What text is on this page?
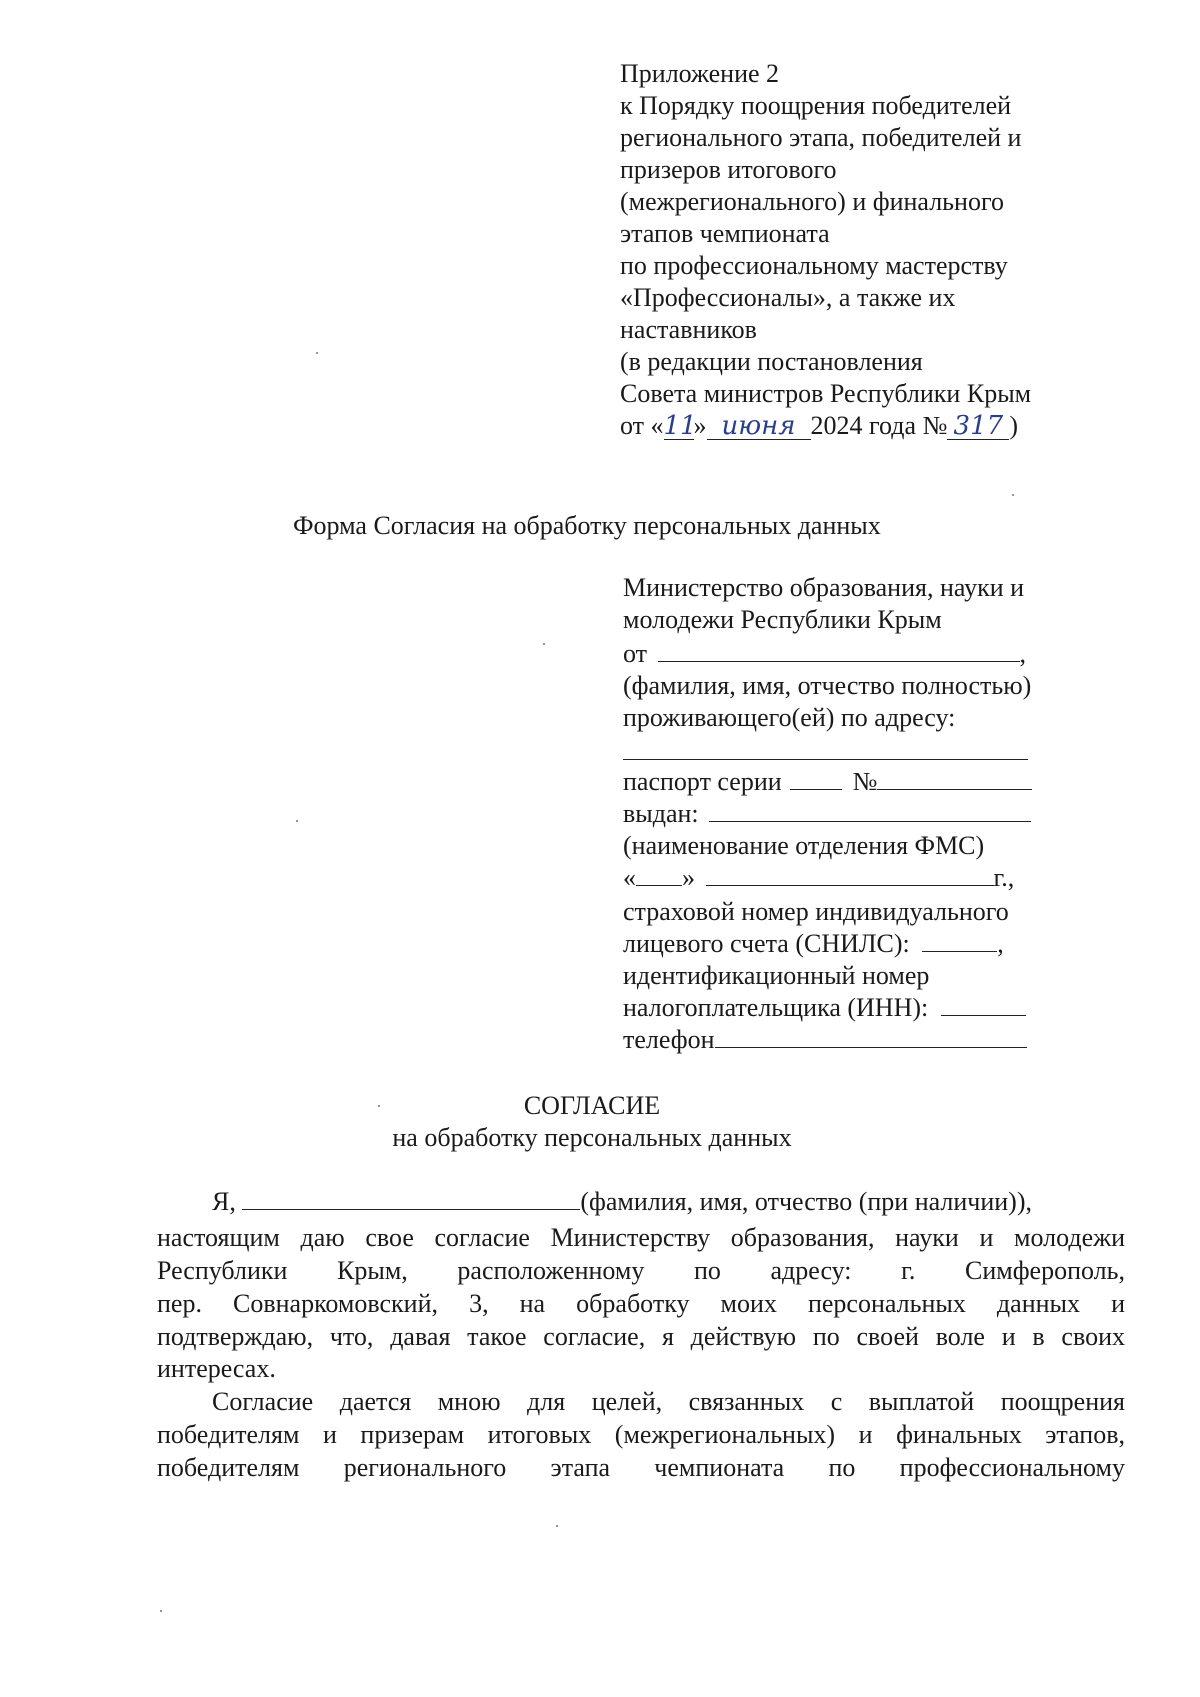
Приложение 2
к Порядку поощрения победителей
регионального этапа, победителей и
призеров итогового
(межрегионального) и финального
этапов чемпионата
по профессиональному мастерству
«Профессионалы», а также их
наставников
(в редакции постановления
Совета министров Республики Крым
от «11» июня 2024 года № 317 )
Форма Согласия на обработку персональных данных
Министерство образования, науки и
молодежи Республики Крым
от	,
(фамилия, имя, отчество полностью)
проживающего(ей) по адресу:
паспорт серии	№
выдан:
(наименование отделения ФМС)
« »	г.,
страховой номер индивидуального
лицевого счета (СНИЛС):	,
идентификационный номер
налогоплательщика (ИНН):
телефон
СОГЛАСИЕ
на обработку персональных данных
Я,	(фамилия, имя, отчество (при наличии)),
настоящим даю свое согласие Министерству образования, науки и молодежи
Республики Крым, расположенному по адресу: г. Симферополь,
пер. Совнаркомовский, 3, на обработку моих персональных данных и
подтверждаю, что, давая такое согласие, я действую по своей воле и в своих
интересах.
Согласие дается мною для целей, связанных с выплатой поощрения
победителям и призерам итоговых (межрегиональных) и финальных этапов,
победителям регионального этапа чемпионата по профессиональному
